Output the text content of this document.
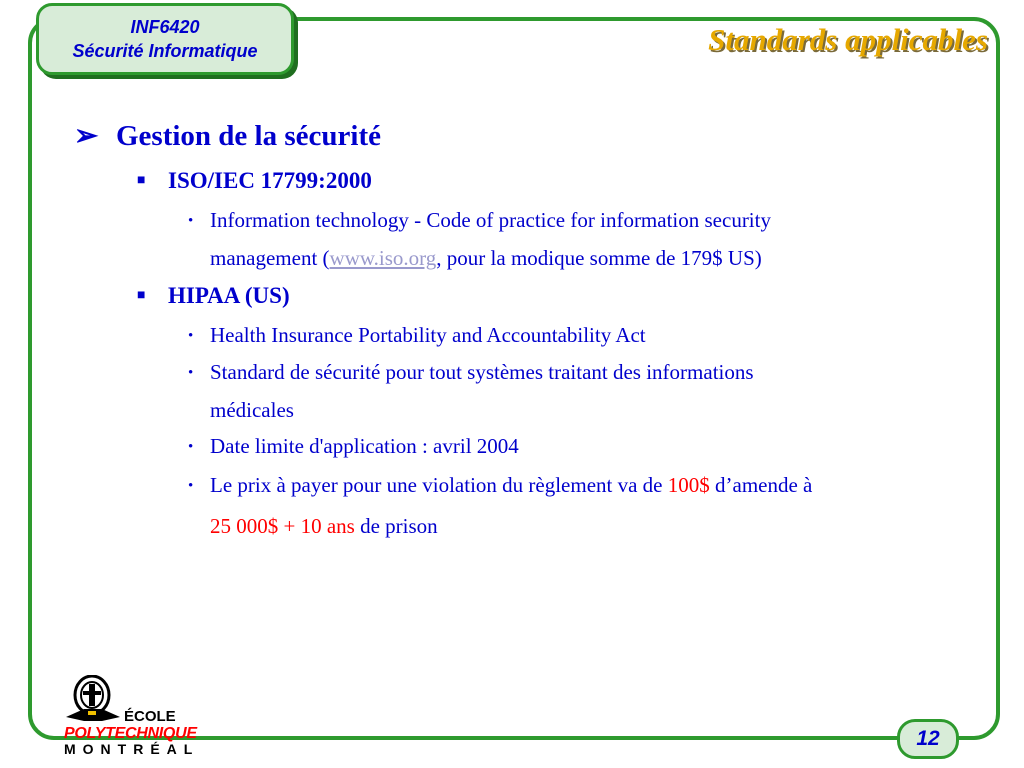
INF6420
Sécurité Informatique	Standards applicables
➢ Gestion de la sécurité
■ ISO/IEC 17799:2000
• Information technology - Code of practice for information security
management (www.iso.org, pour la modique somme de 179$ US)
■ HIPAA (US)
• Health Insurance Portability and Accountability Act
• Standard de sécurité pour tout systèmes traitant des informations
médicales
• Date limite d'application : avril 2004
• Le prix à payer pour une violation du règlement va de 100$ d’amende à
25 000$ + 10 ans de prison
ÉCOLE
POLYTECHNIQUE
MONTRÉAL	12
